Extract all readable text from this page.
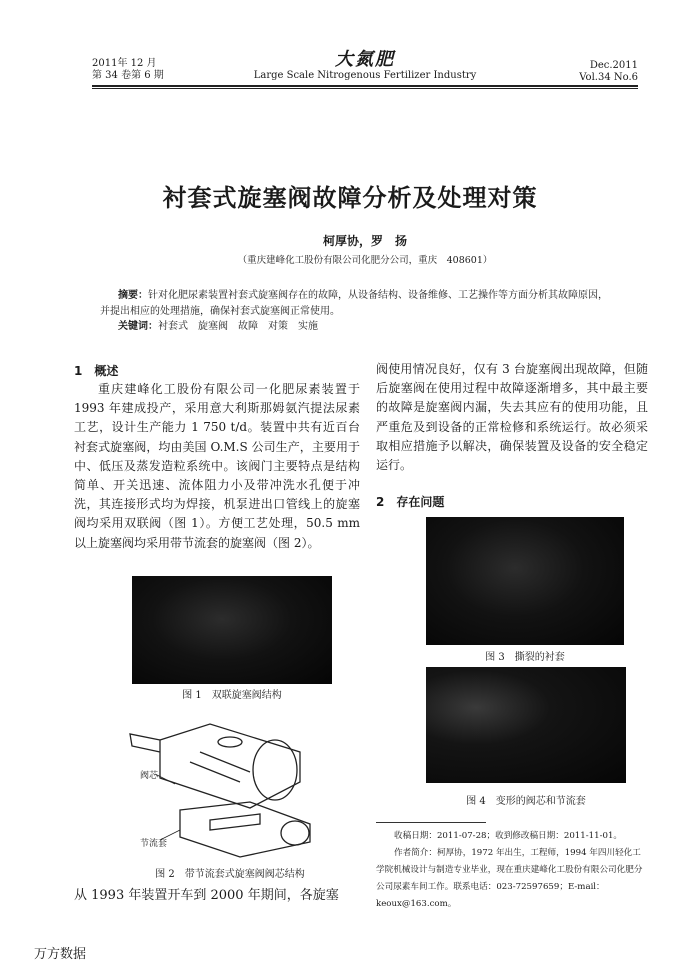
2011年 12 月
第 34 卷第 6 期
大氮肥
Large Scale Nitrogenous Fertilizer Industry
Dec.2011
Vol.34 No.6
衬套式旋塞阀故障分析及处理对策
柯厚协，罗　扬
（重庆建峰化工股份有限公司化肥分公司，重庆　408601）
摘要：针对化肥尿素装置衬套式旋塞阀存在的故障，从设备结构、设备维修、工艺操作等方面分析其故障原因，并提出相应的处理措施，确保衬套式旋塞阀正常使用。
关键词：衬套式　旋塞阀　故障　对策　实施
1　概述
重庆建峰化工股份有限公司一化肥尿素装置于 1993 年建成投产，采用意大利斯那姆氨汽提法尿素工艺，设计生产能力 1 750 t/d。装置中共有近百台衬套式旋塞阀，均由美国 O.M.S 公司生产，主要用于中、低压及蒸发造粒系统中。该阀门主要特点是结构简单、开关迅速、流体阻力小及带冲洗水孔便于冲洗，其连接形式均为焊接，机泵进出口管线上的旋塞阀均采用双联阀（图 1）。方便工艺处理，50.5 mm 以上旋塞阀均采用带节流套的旋塞阀（图 2）。
图 1　双联旋塞阀结构
阀芯
节流套
图 2　带节流套式旋塞阀阀芯结构
从 1993 年装置开车到 2000 年期间，各旋塞
阀使用情况良好，仅有 3 台旋塞阀出现故障，但随后旋塞阀在使用过程中故障逐渐增多，其中最主要的故障是旋塞阀内漏，失去其应有的使用功能，且严重危及到设备的正常检修和系统运行。故必须采取相应措施予以解决，确保装置及设备的安全稳定运行。
2　存在问题
图 3　撕裂的衬套
图 4　变形的阀芯和节流套
收稿日期：2011-07-28；收到修改稿日期：2011-11-01。
作者简介：柯厚协，1972 年出生，工程师，1994 年四川轻化工学院机械设计与制造专业毕业，现在重庆建峰化工股份有限公司化肥分公司尿素车间工作。联系电话：023-72597659；E-mail：keoux@163.com。
万方数据
